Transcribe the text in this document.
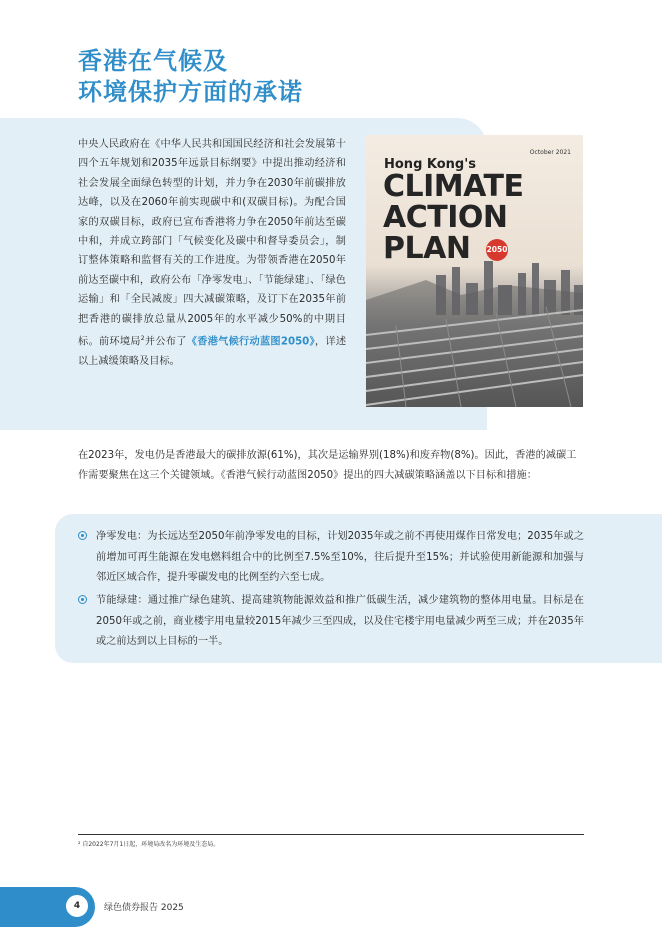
香港在气候及
环境保护方面的承诺

中央人民政府在《中华人民共和国国民经济和社会发展第十四个五年规划和2035年远景目标纲要》中提出推动经济和社会发展全面绿色转型的计划，并力争在2030年前碳排放达峰，以及在2060年前实现碳中和(双碳目标)。为配合国家的双碳目标，政府已宣布香港将力争在2050年前达至碳中和，并成立跨部门「气候变化及碳中和督导委员会」，制订整体策略和监督有关的工作进度。为带领香港在2050年前达至碳中和，政府公布「净零发电」、「节能绿建」、「绿色运输」和「全民减废」四大减碳策略，及订下在2035年前把香港的碳排放总量从2005年的水平减少50%的中期目标。前环境局$^2$并公布了《香港气候行动蓝图2050》，详述以上减缓策略及目标。

October 2021
Hong Kong's
CLIMATE
ACTION
PLAN	2050

在2023年，发电仍是香港最大的碳排放源(61%)，其次是运输界别(18%)和废弃物(8%)。因此，香港的减碳工作需要聚焦在这三个关键领域。《香港气候行动蓝图2050》提出的四大减碳策略涵盖以下目标和措施：

净零发电：为长远达至2050年前净零发电的目标，计划2035年或之前不再使用煤作日常发电；2035年或之前增加可再生能源在发电燃料组合中的比例至7.5%至10%，往后提升至15%；并试验使用新能源和加强与邻近区域合作，提升零碳发电的比例至约六至七成。

节能绿建：通过推广绿色建筑、提高建筑物能源效益和推广低碳生活，减少建筑物的整体用电量。目标是在2050年或之前，商业楼宇用电量较2015年减少三至四成，以及住宅楼宇用电量减少两至三成；并在2035年或之前达到以上目标的一半。

² 自2022年7月1日起，环境局改名为环境及生态局。
4	绿色债券报告 2025
